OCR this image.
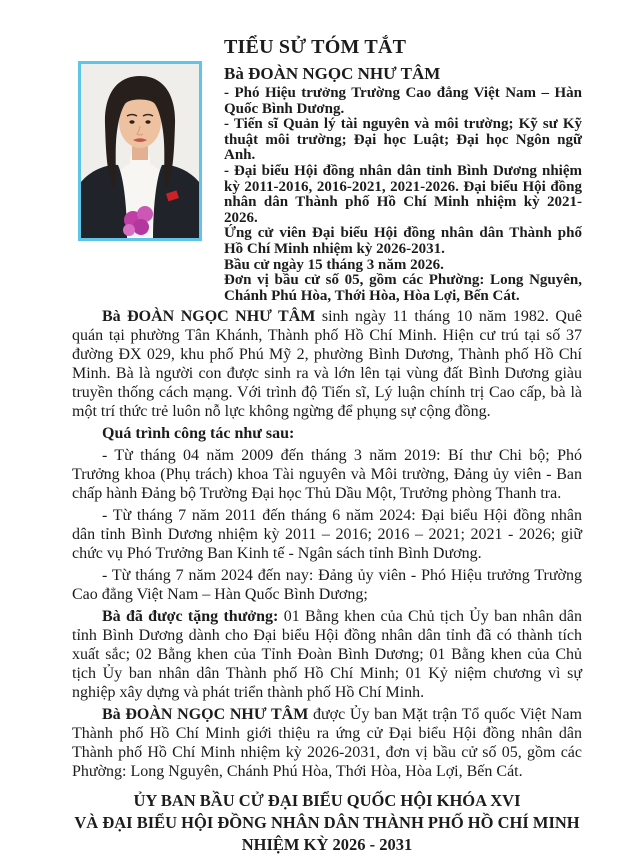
TIỂU SỬ TÓM TẮT

Bà ĐOÀN NGỌC NHƯ TÂM

- Phó Hiệu trưởng Trường Cao đẳng Việt Nam – Hàn Quốc Bình Dương.

- Tiến sĩ Quản lý tài nguyên và môi trường; Kỹ sư Kỹ thuật môi trường; Đại học Luật; Đại học Ngôn ngữ Anh.

- Đại biểu Hội đồng nhân dân tỉnh Bình Dương nhiệm kỳ 2011-2016, 2016-2021, 2021-2026. Đại biểu Hội đồng nhân dân Thành phố Hồ Chí Minh nhiệm kỳ 2021-2026.

Ứng cử viên Đại biểu Hội đồng nhân dân Thành phố Hồ Chí Minh nhiệm kỳ 2026-2031.

Bầu cử ngày 15 tháng 3 năm 2026.

Đơn vị bầu cử số 05, gồm các Phường: Long Nguyên, Chánh Phú Hòa, Thới Hòa, Hòa Lợi, Bến Cát.

Bà ĐOÀN NGỌC NHƯ TÂM sinh ngày 11 tháng 10 năm 1982. Quê quán tại phường Tân Khánh, Thành phố Hồ Chí Minh. Hiện cư trú tại số 37 đường ĐX 029, khu phố Phú Mỹ 2, phường Bình Dương, Thành phố Hồ Chí Minh. Bà là người con được sinh ra và lớn lên tại vùng đất Bình Dương giàu truyền thống cách mạng. Với trình độ Tiến sĩ, Lý luận chính trị Cao cấp, bà là một trí thức trẻ luôn nỗ lực không ngừng để phụng sự cộng đồng.

Quá trình công tác như sau:

- Từ tháng 04 năm 2009 đến tháng 3 năm 2019: Bí thư Chi bộ; Phó Trưởng khoa (Phụ trách) khoa Tài nguyên và Môi trường, Đảng ủy viên - Ban chấp hành Đảng bộ Trường Đại học Thủ Dầu Một, Trưởng phòng Thanh tra.

- Từ tháng 7 năm 2011 đến tháng 6 năm 2024: Đại biểu Hội đồng nhân dân tỉnh Bình Dương nhiệm kỳ 2011 – 2016; 2016 – 2021; 2021 - 2026; giữ chức vụ Phó Trưởng Ban Kinh tế - Ngân sách tỉnh Bình Dương.

- Từ tháng 7 năm 2024 đến nay: Đảng ủy viên - Phó Hiệu trưởng Trường Cao đẳng Việt Nam – Hàn Quốc Bình Dương;

Bà đã được tặng thưởng: 01 Bằng khen của Chủ tịch Ủy ban nhân dân tỉnh Bình Dương dành cho Đại biểu Hội đồng nhân dân tỉnh đã có thành tích xuất sắc; 02 Bằng khen của Tỉnh Đoàn Bình Dương; 01 Bằng khen của Chủ tịch Ủy ban nhân dân Thành phố Hồ Chí Minh; 01 Kỷ niệm chương vì sự nghiệp xây dựng và phát triển thành phố Hồ Chí Minh.

Bà ĐOÀN NGỌC NHƯ TÂM được Ủy ban Mặt trận Tổ quốc Việt Nam Thành phố Hồ Chí Minh giới thiệu ra ứng cử Đại biểu Hội đồng nhân dân Thành phố Hồ Chí Minh nhiệm kỳ 2026-2031, đơn vị bầu cử số 05, gồm các Phường: Long Nguyên, Chánh Phú Hòa, Thới Hòa, Hòa Lợi, Bến Cát.

ỦY BAN BẦU CỬ ĐẠI BIỂU QUỐC HỘI KHÓA XVI

VÀ ĐẠI BIỂU HỘI ĐỒNG NHÂN DÂN THÀNH PHỐ HỒ CHÍ MINH

NHIỆM KỲ 2026 - 2031
